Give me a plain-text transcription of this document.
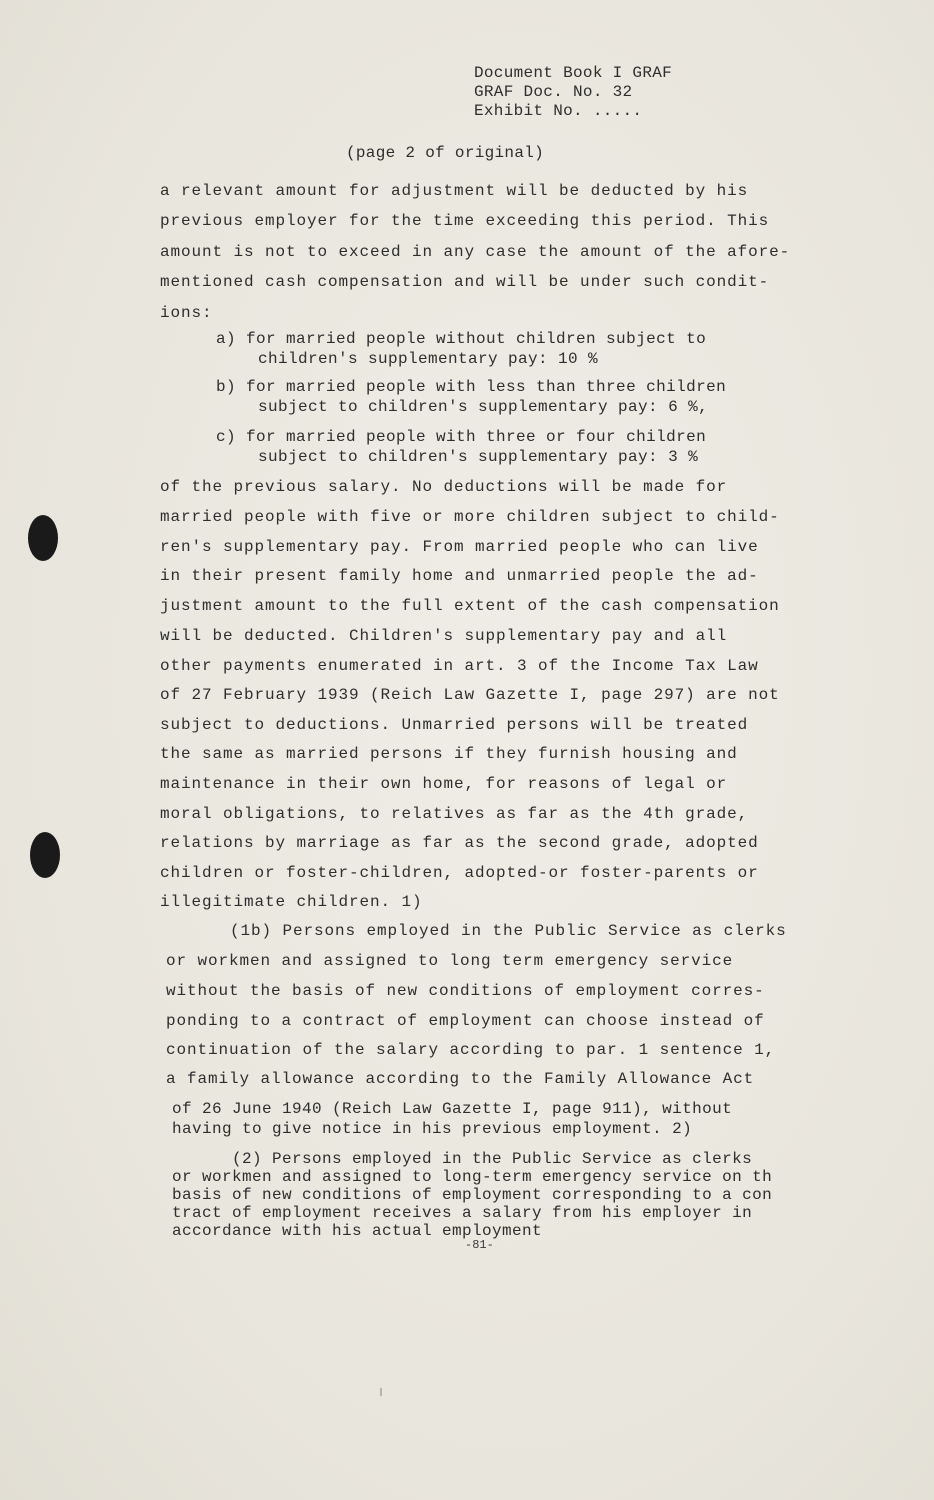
Document Book I GRAF
GRAF Doc. No. 32
Exhibit No. .....
(page 2 of original)
a relevant amount for adjustment will be deducted by his
previous employer for the time exceeding this period. This
amount is not to exceed in any case the amount of the afore-
mentioned cash compensation and will be under such condit-
ions:
a) for married people without children subject to
children's supplementary pay: 10 %
b) for married people with less than three children
subject to children's supplementary pay: 6 %,
c) for married people with three or four children
subject to children's supplementary pay: 3 %
of the previous salary. No deductions will be made for
married people with five or more children subject to child-
ren's supplementary pay. From married people who can live
in their present family home and unmarried people the ad-
justment amount to the full extent of the cash compensation
will be deducted. Children's supplementary pay and all
other payments enumerated in art. 3 of the Income Tax Law
of 27 February 1939 (Reich Law Gazette I, page 297) are not
subject to deductions. Unmarried persons will be treated
the same as married persons if they furnish housing and
maintenance in their own home, for reasons of legal or
moral obligations, to relatives as far as the 4th grade,
relations by marriage as far as the second grade, adopted
children or foster-children, adopted-or foster-parents or
illegitimate children. 1)
(1b) Persons employed in the Public Service as clerks
or workmen and assigned to long term emergency service
without the basis of new conditions of employment corres-
ponding to a contract of employment can choose instead of
continuation of the salary according to par. 1 sentence 1,
a family allowance according to the Family Allowance Act
of 26 June 1940 (Reich Law Gazette I, page 911), without
having to give notice in his previous employment. 2)
(2) Persons employed in the Public Service as clerks
or workmen and assigned to long-term emergency service on th
basis of new conditions of employment corresponding to a con
tract of employment receives a salary from his employer in
accordance with his actual employment
-81-
